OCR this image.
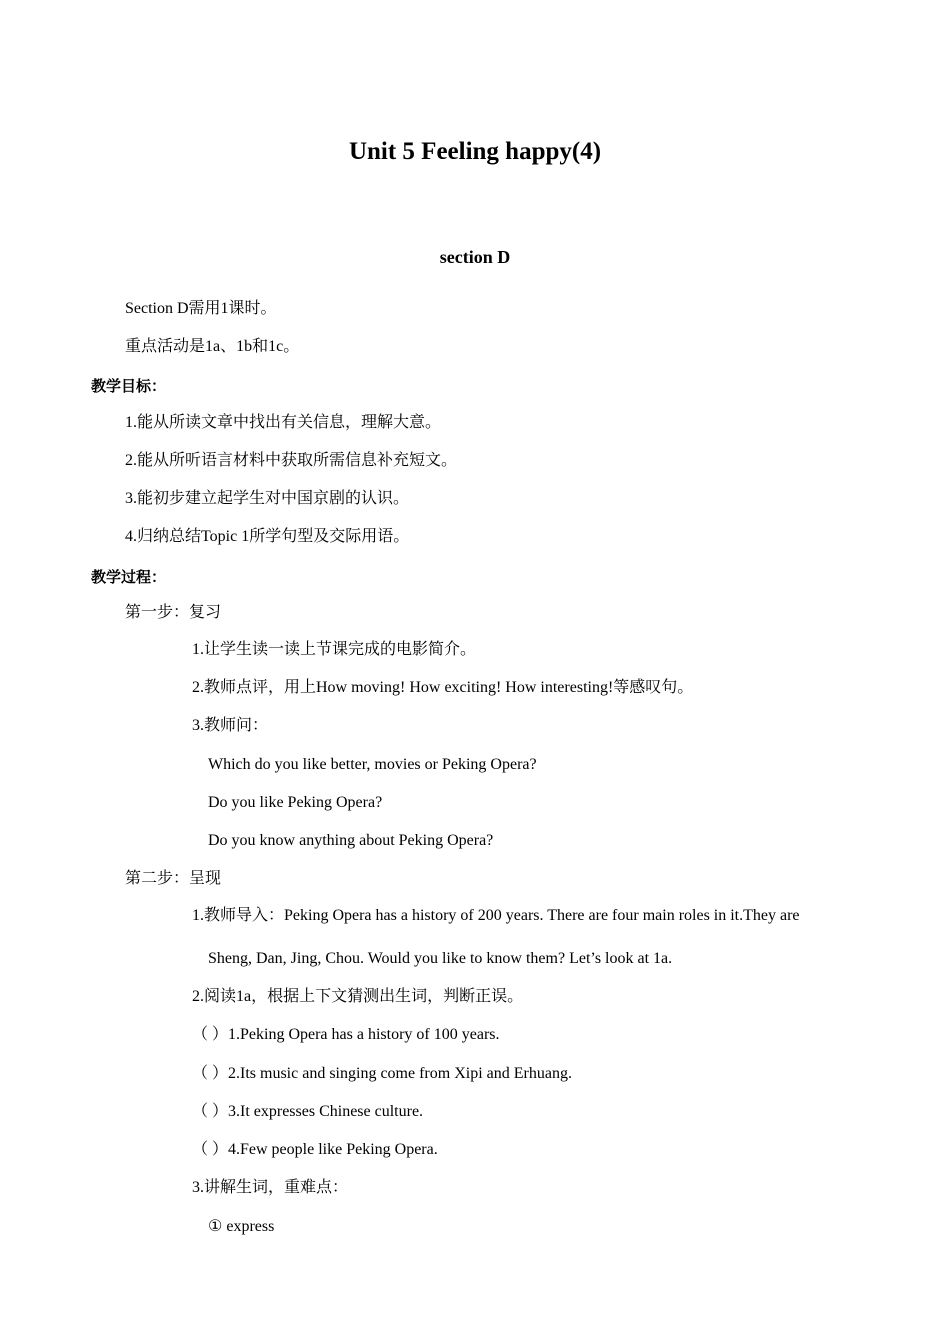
Unit 5 Feeling happy(4)
section D
Section D需用1课时。
重点活动是1a、1b和1c。
教学目标：
1.能从所读文章中找出有关信息，理解大意。
2.能从所听语言材料中获取所需信息补充短文。
3.能初步建立起学生对中国京剧的认识。
4.归纳总结Topic 1所学句型及交际用语。
教学过程：
第一步：复习
1.让学生读一读上节课完成的电影简介。
2.教师点评，用上How moving! How exciting! How interesting!等感叹句。
3.教师问：
Which do you like better, movies or Peking Opera?
Do you like Peking Opera?
Do you know anything about Peking Opera?
第二步：呈现
1.教师导入：Peking Opera has a history of 200 years. There are four main roles in it.They are
Sheng, Dan, Jing, Chou. Would you like to know them? Let’s look at 1a.
2.阅读1a，根据上下文猜测出生词，判断正误。
（ ）1.Peking Opera has a history of 100 years.
（ ）2.Its music and singing come from Xipi and Erhuang.
（ ）3.It expresses Chinese culture.
（ ）4.Few people like Peking Opera.
3.讲解生词，重难点：
① express
